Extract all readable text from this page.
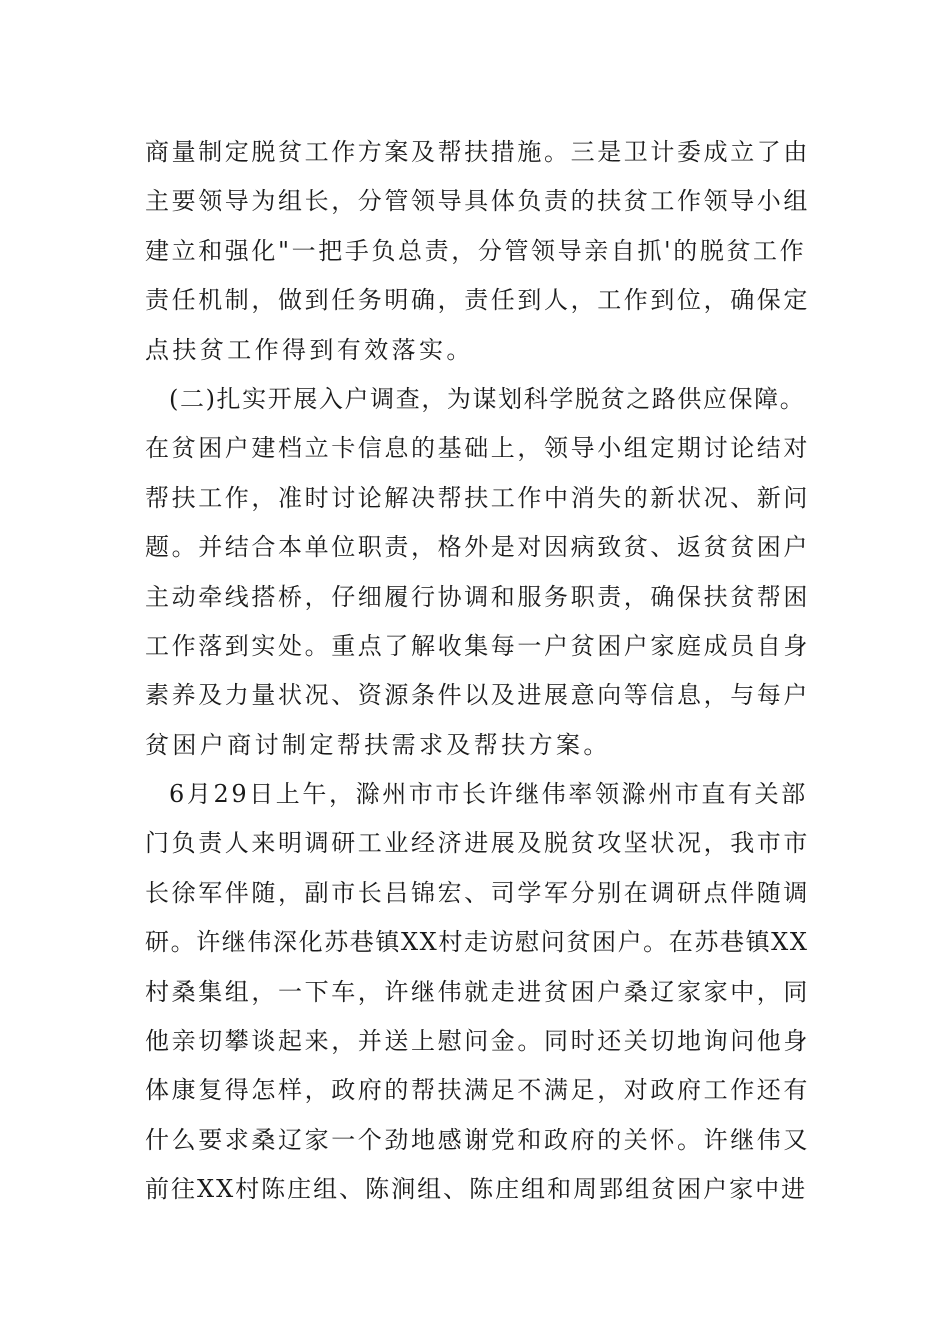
商量制定脱贫工作方案及帮扶措施。三是卫计委成立了由
主要领导为组长，分管领导具体负责的扶贫工作领导小组
建立和强化"一把手负总责，分管领导亲自抓'的脱贫工作
责任机制，做到任务明确，责任到人，工作到位，确保定
点扶贫工作得到有效落实。
(二)扎实开展入户调查，为谋划科学脱贫之路供应保障。
在贫困户建档立卡信息的基础上，领导小组定期讨论结对
帮扶工作，准时讨论解决帮扶工作中消失的新状况、新问
题。并结合本单位职责，格外是对因病致贫、返贫贫困户
主动牵线搭桥，仔细履行协调和服务职责，确保扶贫帮困
工作落到实处。重点了解收集每一户贫困户家庭成员自身
素养及力量状况、资源条件以及进展意向等信息，与每户
贫困户商讨制定帮扶需求及帮扶方案。
6月29日上午，滁州市市长许继伟率领滁州市直有关部
门负责人来明调研工业经济进展及脱贫攻坚状况，我市市
长徐军伴随，副市长吕锦宏、司学军分别在调研点伴随调
研。许继伟深化苏巷镇XX村走访慰问贫困户。在苏巷镇XX
村桑集组，一下车，许继伟就走进贫困户桑辽家家中，同
他亲切攀谈起来，并送上慰问金。同时还关切地询问他身
体康复得怎样，政府的帮扶满足不满足，对政府工作还有
什么要求桑辽家一个劲地感谢党和政府的关怀。许继伟又
前往XX村陈庄组、陈涧组、陈庄组和周郢组贫困户家中进
